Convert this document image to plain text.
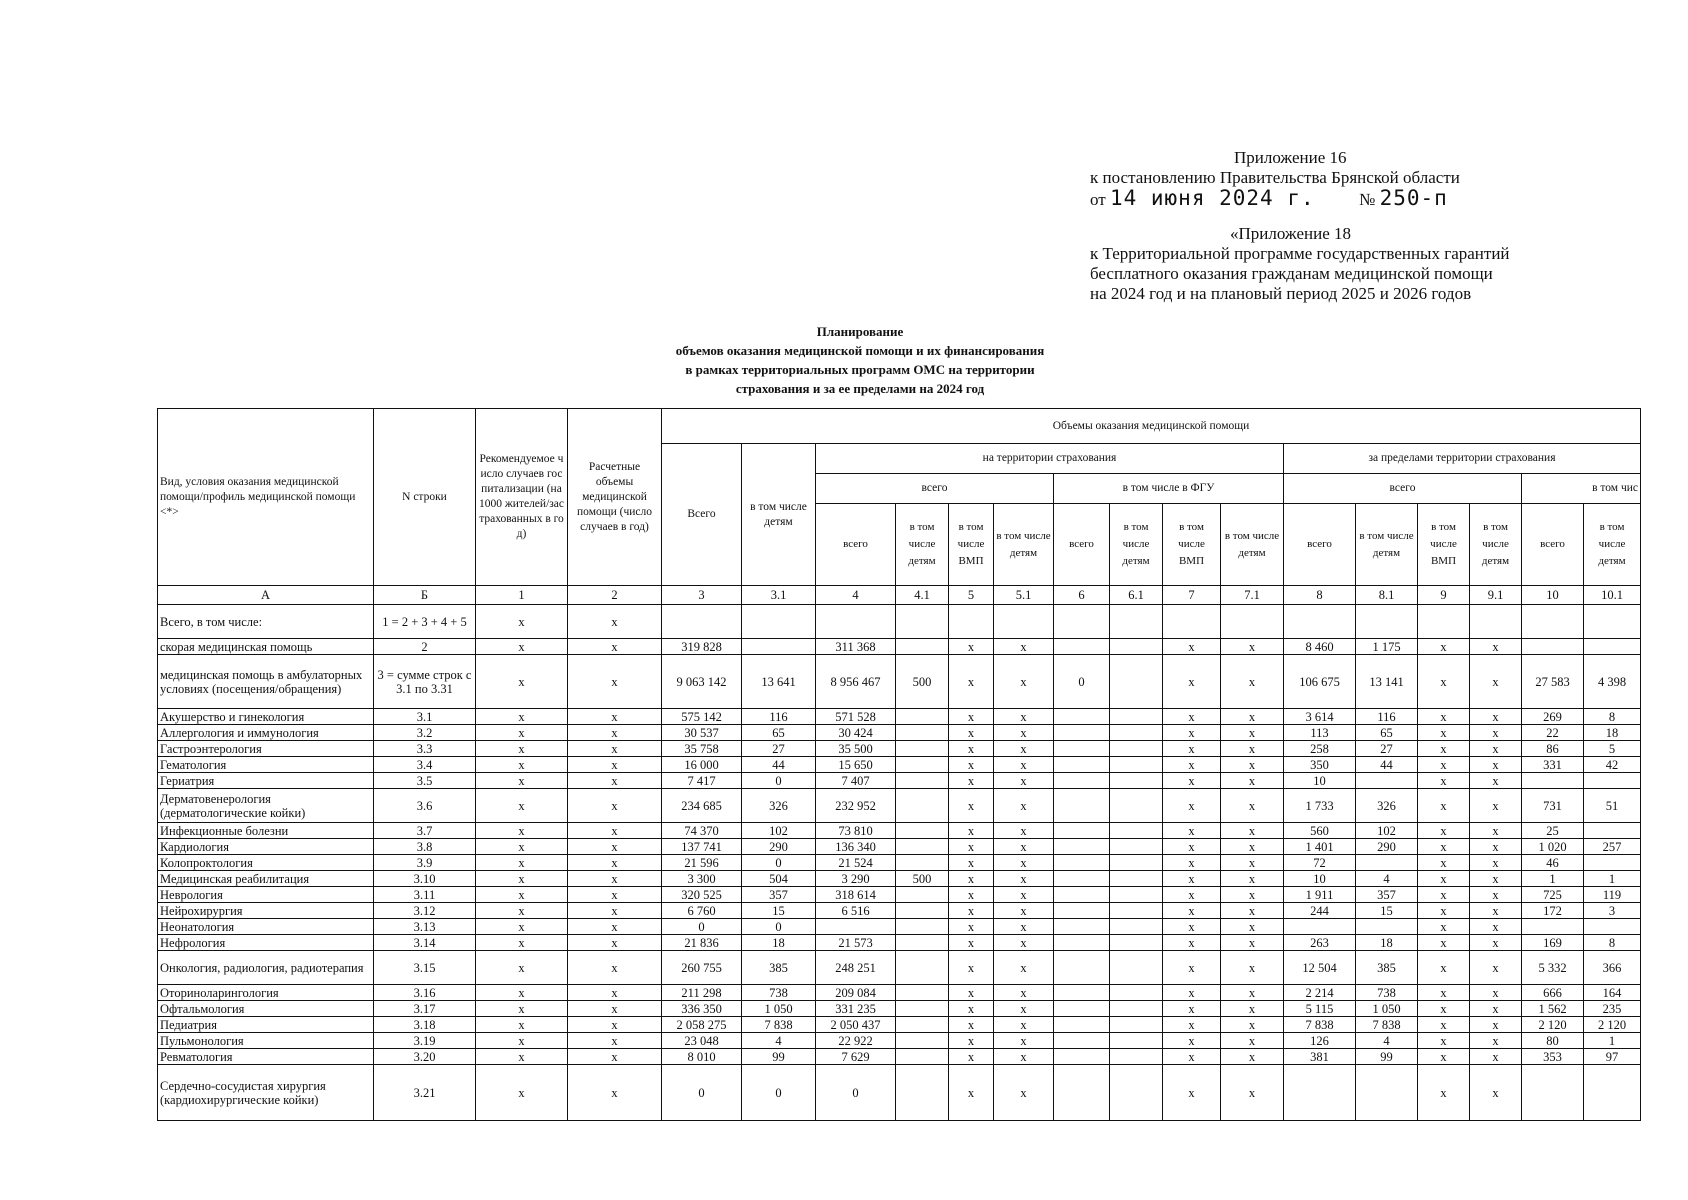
Приложение 16
к постановлению Правительства Брянской области
от 14 июня 2024 г.	№ 250-п
«Приложение 18
к Территориальной программе государственных гарантий
бесплатного оказания гражданам медицинской помощи
на 2024 год и на плановый период 2025 и 2026 годов
Планирование
объемов оказания медицинской помощи и их финансирования
в рамках территориальных программ ОМС на территории
страхования и за ее пределами на 2024 год
Вид, условия оказания медицинской помощи/профиль медицинской помощи <*>	N строки	Рекомендуемое число случаев госпитализации (на 1000 жителей/застрахованных в год)	Расчетные объемы медицинской помощи (число случаев в год)	Объемы оказания медицинской помощи															
				Всего	в том числе детям	на территории страхования								за пределами территории страхования					
						всего				в том числе в ФГУ				всего				в том чис	
						всего	в том числе детям	в том числе ВМП	в том числе детям	всего	в том числе детям	в том числе ВМП	в том числе детям	всего	в том числе детям	в том числе ВМП	в том числе детям	всего	в том числе детям

А	Б	1	2	3	3.1	4	4.1	5	5.1	6	6.1	7	7.1	8	8.1	9	9.1	10	10.1
Всего, в том числе:	1 = 2 + 3 + 4 + 5	x	x																
скорая медицинская помощь	2	x	x	319 828		311 368		x	x			x	x	8 460	1 175	x	x		
медицинская помощь в амбулаторных условиях (посещения/обращения)	3 = сумме строк с 3.1 по 3.31	x	x	9 063 142	13 641	8 956 467	500	x	x	0		x	x	106 675	13 141	x	x	27 583	4 398
Акушерство и гинекология	3.1	x	x	575 142	116	571 528		x	x			x	x	3 614	116	x	x	269	8
Аллергология и иммунология	3.2	x	x	30 537	65	30 424		x	x			x	x	113	65	x	x	22	18
Гастроэнтерология	3.3	x	x	35 758	27	35 500		x	x			x	x	258	27	x	x	86	5
Гематология	3.4	x	x	16 000	44	15 650		x	x			x	x	350	44	x	x	331	42
Гериатрия	3.5	x	x	7 417	0	7 407		x	x			x	x	10		x	x		
Дерматовенерология (дерматологические койки)	3.6	x	x	234 685	326	232 952		x	x			x	x	1 733	326	x	x	731	51
Инфекционные болезни	3.7	x	x	74 370	102	73 810		x	x			x	x	560	102	x	x	25	
Кардиология	3.8	x	x	137 741	290	136 340		x	x			x	x	1 401	290	x	x	1 020	257
Колопроктология	3.9	x	x	21 596	0	21 524		x	x			x	x	72		x	x	46	
Медицинская реабилитация	3.10	x	x	3 300	504	3 290	500	x	x			x	x	10	4	x	x	1	1
Неврология	3.11	x	x	320 525	357	318 614		x	x			x	x	1 911	357	x	x	725	119
Нейрохирургия	3.12	x	x	6 760	15	6 516		x	x			x	x	244	15	x	x	172	3
Неонатология	3.13	x	x	0	0			x	x			x	x			x	x		
Нефрология	3.14	x	x	21 836	18	21 573		x	x			x	x	263	18	x	x	169	8
Онкология, радиология, радиотерапия	3.15	x	x	260 755	385	248 251		x	x			x	x	12 504	385	x	x	5 332	366
Оториноларингология	3.16	x	x	211 298	738	209 084		x	x			x	x	2 214	738	x	x	666	164
Офтальмология	3.17	x	x	336 350	1 050	331 235		x	x			x	x	5 115	1 050	x	x	1 562	235
Педиатрия	3.18	x	x	2 058 275	7 838	2 050 437		x	x			x	x	7 838	7 838	x	x	2 120	2 120
Пульмонология	3.19	x	x	23 048	4	22 922		x	x			x	x	126	4	x	x	80	1
Ревматология	3.20	x	x	8 010	99	7 629		x	x			x	x	381	99	x	x	353	97
Сердечно-сосудистая хирургия (кардиохирургические койки)	3.21	x	x	0	0	0		x	x			x	x			x	x		
